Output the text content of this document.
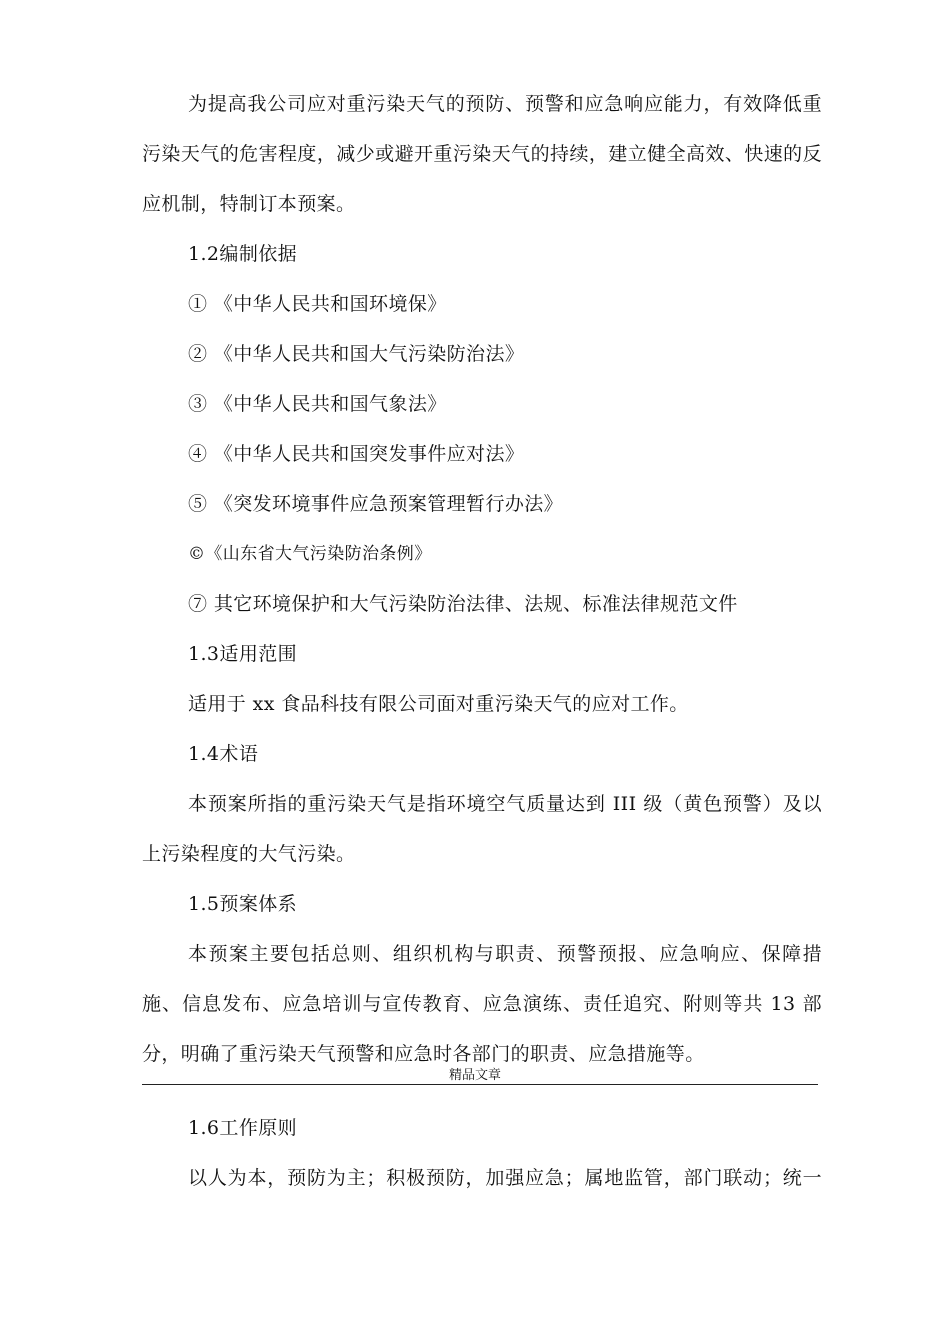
为提高我公司应对重污染天气的预防、预警和应急响应能力，有效降低重
污染天气的危害程度，减少或避开重污染天气的持续，建立健全高效、快速的反
应机制，特制订本预案。
1.2编制依据
① 《中华人民共和国环境保》
② 《中华人民共和国大气污染防治法》
③ 《中华人民共和国气象法》
④ 《中华人民共和国突发事件应对法》
⑤ 《突发环境事件应急预案管理暂行办法》
©《山东省大气污染防治条例》
⑦ 其它环境保护和大气污染防治法律、法规、标准法律规范文件
1.3适用范围
适用于 xx 食品科技有限公司面对重污染天气的应对工作。
1.4术语
本预案所指的重污染天气是指环境空气质量达到 III 级（黄色预警）及以
上污染程度的大气污染。
1.5预案体系
本预案主要包括总则、组织机构与职责、预警预报、应急响应、保障措
施、信息发布、应急培训与宣传教育、应急演练、责任追究、附则等共 13 部
分，明确了重污染天气预警和应急时各部门的职责、应急措施等。
精品文章
1.6工作原则
以人为本，预防为主；积极预防，加强应急；属地监管，部门联动；统一
